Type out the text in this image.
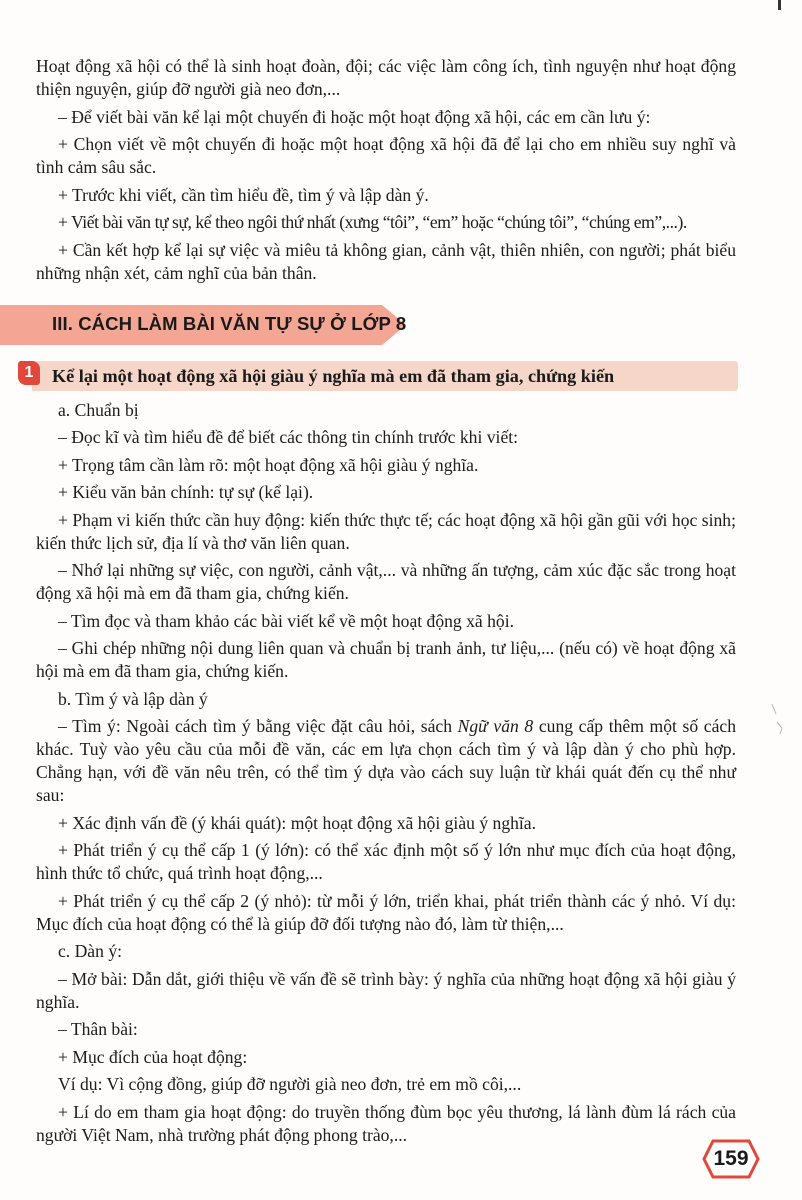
Hoạt động xã hội có thể là sinh hoạt đoàn, đội; các việc làm công ích, tình nguyện như hoạt động thiện nguyện, giúp đỡ người già neo đơn,...

– Để viết bài văn kể lại một chuyến đi hoặc một hoạt động xã hội, các em cần lưu ý:

+ Chọn viết về một chuyến đi hoặc một hoạt động xã hội đã để lại cho em nhiều suy nghĩ và tình cảm sâu sắc.

+ Trước khi viết, cần tìm hiểu đề, tìm ý và lập dàn ý.

+ Viết bài văn tự sự, kể theo ngôi thứ nhất (xưng “tôi”, “em” hoặc “chúng tôi”, “chúng em”,...).

+ Cần kết hợp kể lại sự việc và miêu tả không gian, cảnh vật, thiên nhiên, con người; phát biểu những nhận xét, cảm nghĩ của bản thân.

III. CÁCH LÀM BÀI VĂN TỰ SỰ Ở LỚP 8
1	Kể lại một hoạt động xã hội giàu ý nghĩa mà em đã tham gia, chứng kiến

a. Chuẩn bị

– Đọc kĩ và tìm hiểu đề để biết các thông tin chính trước khi viết:

+ Trọng tâm cần làm rõ: một hoạt động xã hội giàu ý nghĩa.

+ Kiểu văn bản chính: tự sự (kể lại).

+ Phạm vi kiến thức cần huy động: kiến thức thực tế; các hoạt động xã hội gần gũi với học sinh; kiến thức lịch sử, địa lí và thơ văn liên quan.

– Nhớ lại những sự việc, con người, cảnh vật,... và những ấn tượng, cảm xúc đặc sắc trong hoạt động xã hội mà em đã tham gia, chứng kiến.

– Tìm đọc và tham khảo các bài viết kể về một hoạt động xã hội.

– Ghi chép những nội dung liên quan và chuẩn bị tranh ảnh, tư liệu,... (nếu có) về hoạt động xã hội mà em đã tham gia, chứng kiến.

b. Tìm ý và lập dàn ý

– Tìm ý: Ngoài cách tìm ý bằng việc đặt câu hỏi, sách Ngữ văn 8 cung cấp thêm một số cách khác. Tuỳ vào yêu cầu của mỗi đề văn, các em lựa chọn cách tìm ý và lập dàn ý cho phù hợp. Chẳng hạn, với đề văn nêu trên, có thể tìm ý dựa vào cách suy luận từ khái quát đến cụ thể như sau:

+ Xác định vấn đề (ý khái quát): một hoạt động xã hội giàu ý nghĩa.

+ Phát triển ý cụ thể cấp 1 (ý lớn): có thể xác định một số ý lớn như mục đích của hoạt động, hình thức tổ chức, quá trình hoạt động,...

+ Phát triển ý cụ thể cấp 2 (ý nhỏ): từ mỗi ý lớn, triển khai, phát triển thành các ý nhỏ. Ví dụ: Mục đích của hoạt động có thể là giúp đỡ đối tượng nào đó, làm từ thiện,...

c. Dàn ý:

– Mở bài: Dẫn dắt, giới thiệu về vấn đề sẽ trình bày: ý nghĩa của những hoạt động xã hội giàu ý nghĩa.

– Thân bài:

+ Mục đích của hoạt động:

Ví dụ: Vì cộng đồng, giúp đỡ người già neo đơn, trẻ em mồ côi,...

+ Lí do em tham gia hoạt động: do truyền thống đùm bọc yêu thương, lá lành đùm lá rách của người Việt Nam, nhà trường phát động phong trào,...

159
